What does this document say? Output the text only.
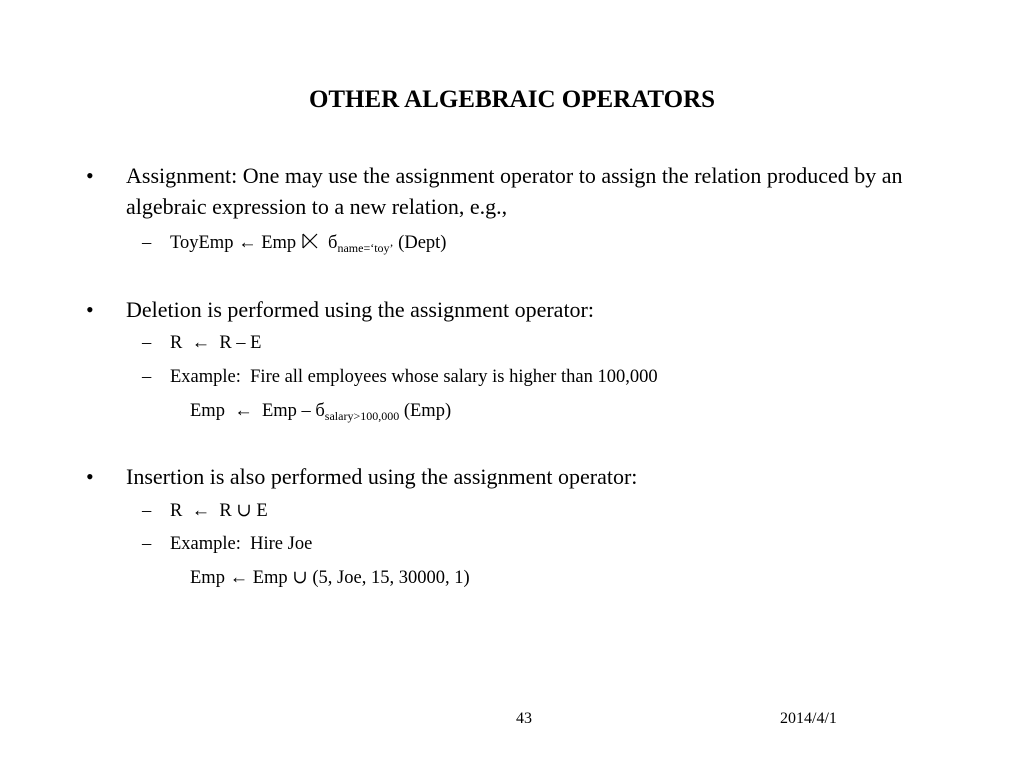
OTHER ALGEBRAIC OPERATORS
• Assignment: One may use the assignment operator to assign the relation produced by an algebraic expression to a new relation, e.g.,
– ToyEmp ← Emp $б_{name=‘toy’}$ (Dept)
• Deletion is performed using the assignment operator:
– R  ←  R – E
– Example:  Fire all employees whose salary is higher than 100,000
Emp  ←  Emp – $б_{salary>100,000}$ (Emp)
• Insertion is also performed using the assignment operator:
– R  ←  R ∪ E
– Example:  Hire Joe
Emp ← Emp ∪ (5, Joe, 15, 30000, 1)
43	2014/4/1
